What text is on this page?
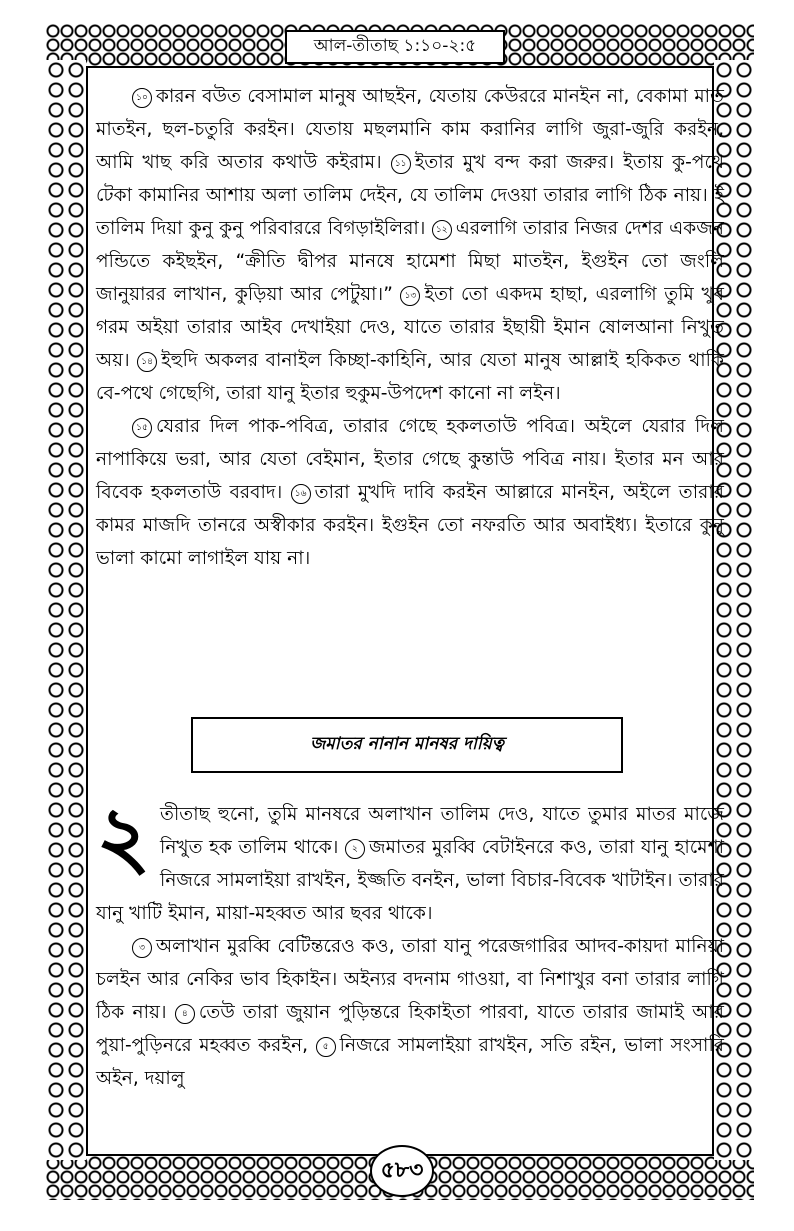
আল-তীতাছ ১:১০-২:৫
৫৮৩

১০ কারন বউত বেসামাল মানুষ আছইন, যেতায় কেউররে মানইন না, বেকামা মাত মাতইন, ছল-চতুরি করইন। যেতায় মছলমানি কাম করানির লাগি জুরা-জুরি করইন, আমি খাছ করি অতার কথাউ কইরাম। ১১ ইতার মুখ বন্দ করা জরুর। ইতায় কু-পথে টেকা কামানির আশায় অলা তালিম দেইন, যে তালিম দেওয়া তারার লাগি ঠিক নায়। ই তালিম দিয়া কুনু কুনু পরিবাররে বিগড়াইলিরা। ১২ এরলাগি তারার নিজর দেশর একজন পন্ডিতে কইছইন, “ক্রীতি দ্বীপর মানষে হামেশা মিছা মাতইন, ইগুইন তো জংলি জানুয়ারর লাখান, কুড়িয়া আর পেটুয়া।” ১৩ ইতা তো একদম হাছা, এরলাগি তুমি খুব গরম অইয়া তারার আইব দেখাইয়া দেও, যাতে তারার ইছায়ী ইমান ষোলআনা নিখুত অয়। ১৪ ইহুদি অকলর বানাইল কিচ্ছা-কাহিনি, আর যেতা মানুষ আল্লাই হকিকত থাকি বে-পথে গেছেগি, তারা যানু ইতার হুকুম-উপদেশ কানো না লইন।

১৫ যেরার দিল পাক-পবিত্র, তারার গেছে হকলতাউ পবিত্র। অইলে যেরার দিল নাপাকিয়ে ভরা, আর যেতা বেইমান, ইতার গেছে কুন্তাউ পবিত্র নায়। ইতার মন আর বিবেক হকলতাউ বরবাদ। ১৬ তারা মুখদি দাবি করইন আল্লারে মানইন, অইলে তারার কামর মাজদি তানরে অস্বীকার করইন। ইগুইন তো নফরতি আর অবাইধ্য। ইতারে কুনু ভালা কামো লাগাইল যায় না।

জমাতর নানান মানষর দায়িত্ব

২ তীতাছ হুনো, তুমি মানষরে অলাখান তালিম দেও, যাতে তুমার মাতর মাজে নিখুত হক তালিম থাকে। ২ জমাতর মুরব্বি বেটাইনরে কও, তারা যানু হামেশা নিজরে সামলাইয়া রাখইন, ইজ্জতি বনইন, ভালা বিচার-বিবেক খাটাইন। তারার যানু খাটি ইমান, মায়া-মহব্বত আর ছবর থাকে।

৩ অলাখান মুরব্বি বেটিন্তরেও কও, তারা যানু পরেজগারির আদব-কায়দা মানিয়া চলইন আর নেকির ভাব হিকাইন। অইন্যর বদনাম গাওয়া, বা নিশাখুর বনা তারার লাগি ঠিক নায়। ৪ তেউ তারা জুয়ান পুড়িন্তরে হিকাইতা পারবা, যাতে তারার জামাই আর পুয়া-পুড়িনরে মহব্বত করইন, ৫ নিজরে সামলাইয়া রাখইন, সতি রইন, ভালা সংসারি অইন, দয়ালু
